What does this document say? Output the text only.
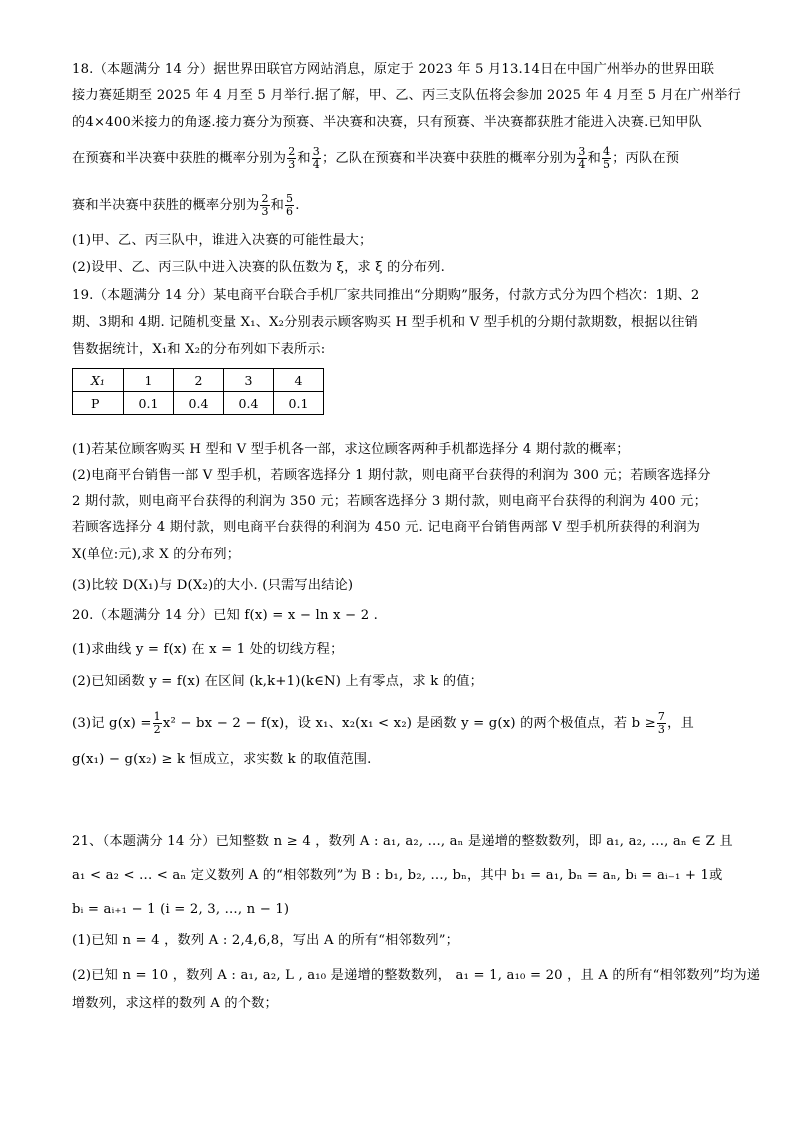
18.（本题满分 14 分）据世界田联官方网站消息，原定于 2023 年 5 月13.14日在中国广州举办的世界田联
接力赛延期至 2025 年 4 月至 5 月举行.据了解，甲、乙、丙三支队伍将会参加 2025 年 4 月至 5 月在广州举行
的4×400米接力的角逐.接力赛分为预赛、半决赛和决赛，只有预赛、半决赛都获胜才能进入决赛.已知甲队
在预赛和半决赛中获胜的概率分别为 $\frac{2}{3}$ 和 $\frac{3}{4}$ ；乙队在预赛和半决赛中获胜的概率分别为 $\frac{3}{4}$ 和 $\frac{4}{5}$ ；丙队在预
赛和半决赛中获胜的概率分别为 $\frac{2}{3}$ 和 $\frac{5}{6}$ .
(1)甲、乙、丙三队中，谁进入决赛的可能性最大；
(2)设甲、乙、丙三队中进入决赛的队伍数为 ξ，求 ξ 的分布列.
19.（本题满分 14 分）某电商平台联合手机厂家共同推出“分期购”服务，付款方式分为四个档次：1期、2
期、3期和 4期. 记随机变量 X₁、X₂分别表示顾客购买 H 型手机和 V 型手机的分期付款期数，根据以往销
售数据统计，X₁和 X₂的分布列如下表所示:
X₁	1	2	3	4
P	0.1	0.4	0.4	0.1
(1)若某位顾客购买 H 型和 V 型手机各一部，求这位顾客两种手机都选择分 4 期付款的概率；
(2)电商平台销售一部 V 型手机，若顾客选择分 1 期付款，则电商平台获得的利润为 300 元；若顾客选择分
2 期付款，则电商平台获得的利润为 350 元；若顾客选择分 3 期付款，则电商平台获得的利润为 400 元；
若顾客选择分 4 期付款，则电商平台获得的利润为 450 元. 记电商平台销售两部 V 型手机所获得的利润为
X(单位:元),求 X 的分布列；
(3)比较 D(X₁)与 D(X₂)的大小. (只需写出结论)
20.（本题满分 14 分）已知 f(x) = x − ln x − 2 .
(1)求曲线 y = f(x) 在 x = 1 处的切线方程；
(2)已知函数 y = f(x) 在区间 (k,k+1)(k∈N) 上有零点，求 k 的值；
(3)记 $g(x) = \frac{1}{2} x^2$ − bx − 2 − f(x)，设 x₁、x₂(x₁ < x₂) 是函数 y = g(x) 的两个极值点，若 $b \ge \frac{7}{3}$ ，且
g(x₁) − g(x₂) ≥ k 恒成立，求实数 k 的取值范围.
21、（本题满分 14 分）已知整数 n ≥ 4 ，数列 A : a₁, a₂, ..., aₙ 是递增的整数数列，即 a₁, a₂, ..., aₙ ∈ Z 且
a₁ < a₂ < ... < aₙ 定义数列 A 的“相邻数列”为 B : b₁, b₂, ..., bₙ，其中 b₁ = a₁, bₙ = aₙ, bᵢ = aᵢ₋₁ + 1或
bᵢ = aᵢ₊₁ − 1 (i = 2, 3, ..., n − 1)
(1)已知 n = 4 ，数列 A : 2,4,6,8，写出 A 的所有“相邻数列”；
(2)已知 n = 10 ，数列 A : a₁, a₂, L , a₁₀ 是递增的整数数列， a₁ = 1, a₁₀ = 20 ，且 A 的所有“相邻数列”均为递
增数列，求这样的数列 A 的个数；
